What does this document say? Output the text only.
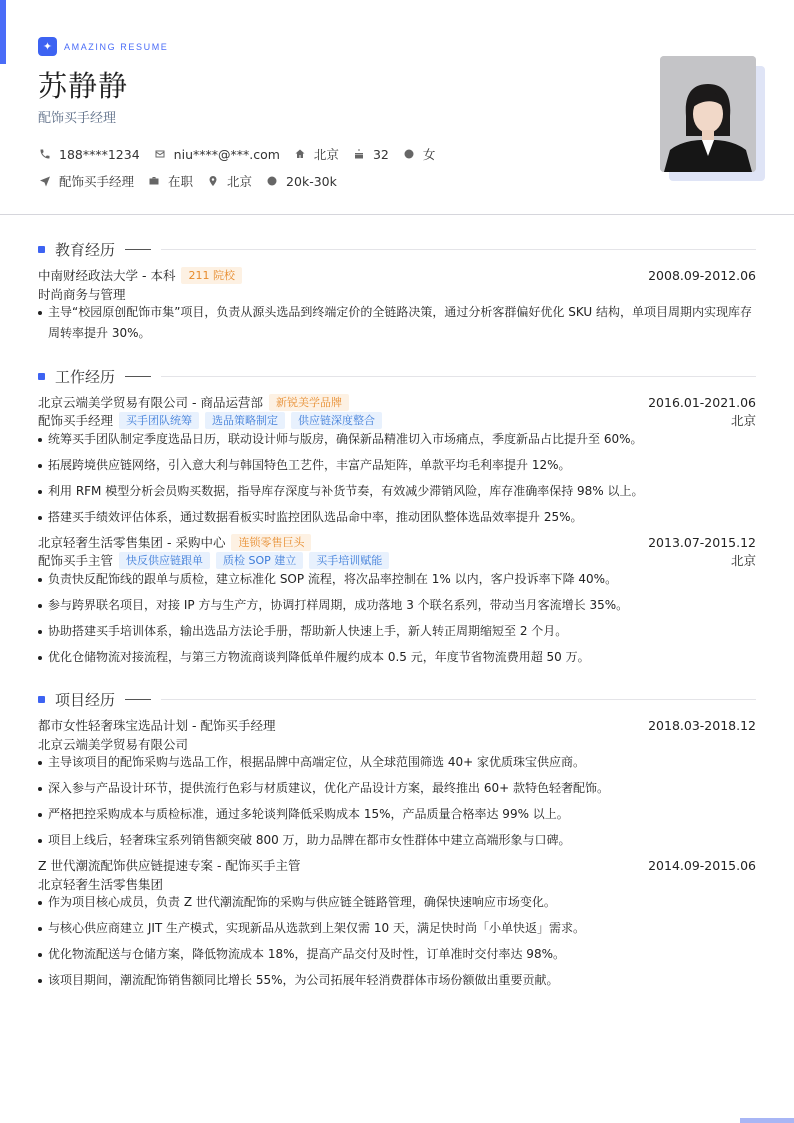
✦	AMAZING RESUME
苏静静
配饰买手经理
188****1234	niu****@***.com	北京	32	女
配饰买手经理	在职	北京	20k-30k
教育经历
中南财经政法大学 - 本科	211 院校	2008.09-2012.06
时尚商务与管理
主导“校园原创配饰市集”项目，负责从源头选品到终端定价的全链路决策，通过分析客群偏好优化 SKU 结构，单项目周期内实现库存
周转率提升 30%。
工作经历
北京云端美学贸易有限公司 - 商品运营部	新锐美学品牌	2016.01-2021.06
配饰买手经理	买手团队统筹	选品策略制定	供应链深度整合	北京
统筹买手团队制定季度选品日历，联动设计师与版房，确保新品精准切入市场痛点，季度新品占比提升至 60%。
拓展跨境供应链网络，引入意大利与韩国特色工艺件，丰富产品矩阵，单款平均毛利率提升 12%。
利用 RFM 模型分析会员购买数据，指导库存深度与补货节奏，有效减少滞销风险，库存准确率保持 98% 以上。
搭建买手绩效评估体系，通过数据看板实时监控团队选品命中率，推动团队整体选品效率提升 25%。
北京轻奢生活零售集团 - 采购中心	连锁零售巨头	2013.07-2015.12
配饰买手主管	快反供应链跟单	质检 SOP 建立	买手培训赋能	北京
负责快反配饰线的跟单与质检，建立标准化 SOP 流程，将次品率控制在 1% 以内，客户投诉率下降 40%。
参与跨界联名项目，对接 IP 方与生产方，协调打样周期，成功落地 3 个联名系列，带动当月客流增长 35%。
协助搭建买手培训体系，输出选品方法论手册，帮助新人快速上手，新人转正周期缩短至 2 个月。
优化仓储物流对接流程，与第三方物流商谈判降低单件履约成本 0.5 元，年度节省物流费用超 50 万。
项目经历
都市女性轻奢珠宝选品计划 - 配饰买手经理	2018.03-2018.12
北京云端美学贸易有限公司
主导该项目的配饰采购与选品工作，根据品牌中高端定位，从全球范围筛选 40+ 家优质珠宝供应商。
深入参与产品设计环节，提供流行色彩与材质建议，优化产品设计方案，最终推出 60+ 款特色轻奢配饰。
严格把控采购成本与质检标准，通过多轮谈判降低采购成本 15%，产品质量合格率达 99% 以上。
项目上线后，轻奢珠宝系列销售额突破 800 万，助力品牌在都市女性群体中建立高端形象与口碑。
Z 世代潮流配饰供应链提速专案 - 配饰买手主管	2014.09-2015.06
北京轻奢生活零售集团
作为项目核心成员，负责 Z 世代潮流配饰的采购与供应链全链路管理，确保快速响应市场变化。
与核心供应商建立 JIT 生产模式，实现新品从选款到上架仅需 10 天，满足快时尚「小单快返」需求。
优化物流配送与仓储方案，降低物流成本 18%，提高产品交付及时性，订单准时交付率达 98%。
该项目期间，潮流配饰销售额同比增长 55%，为公司拓展年轻消费群体市场份额做出重要贡献。
